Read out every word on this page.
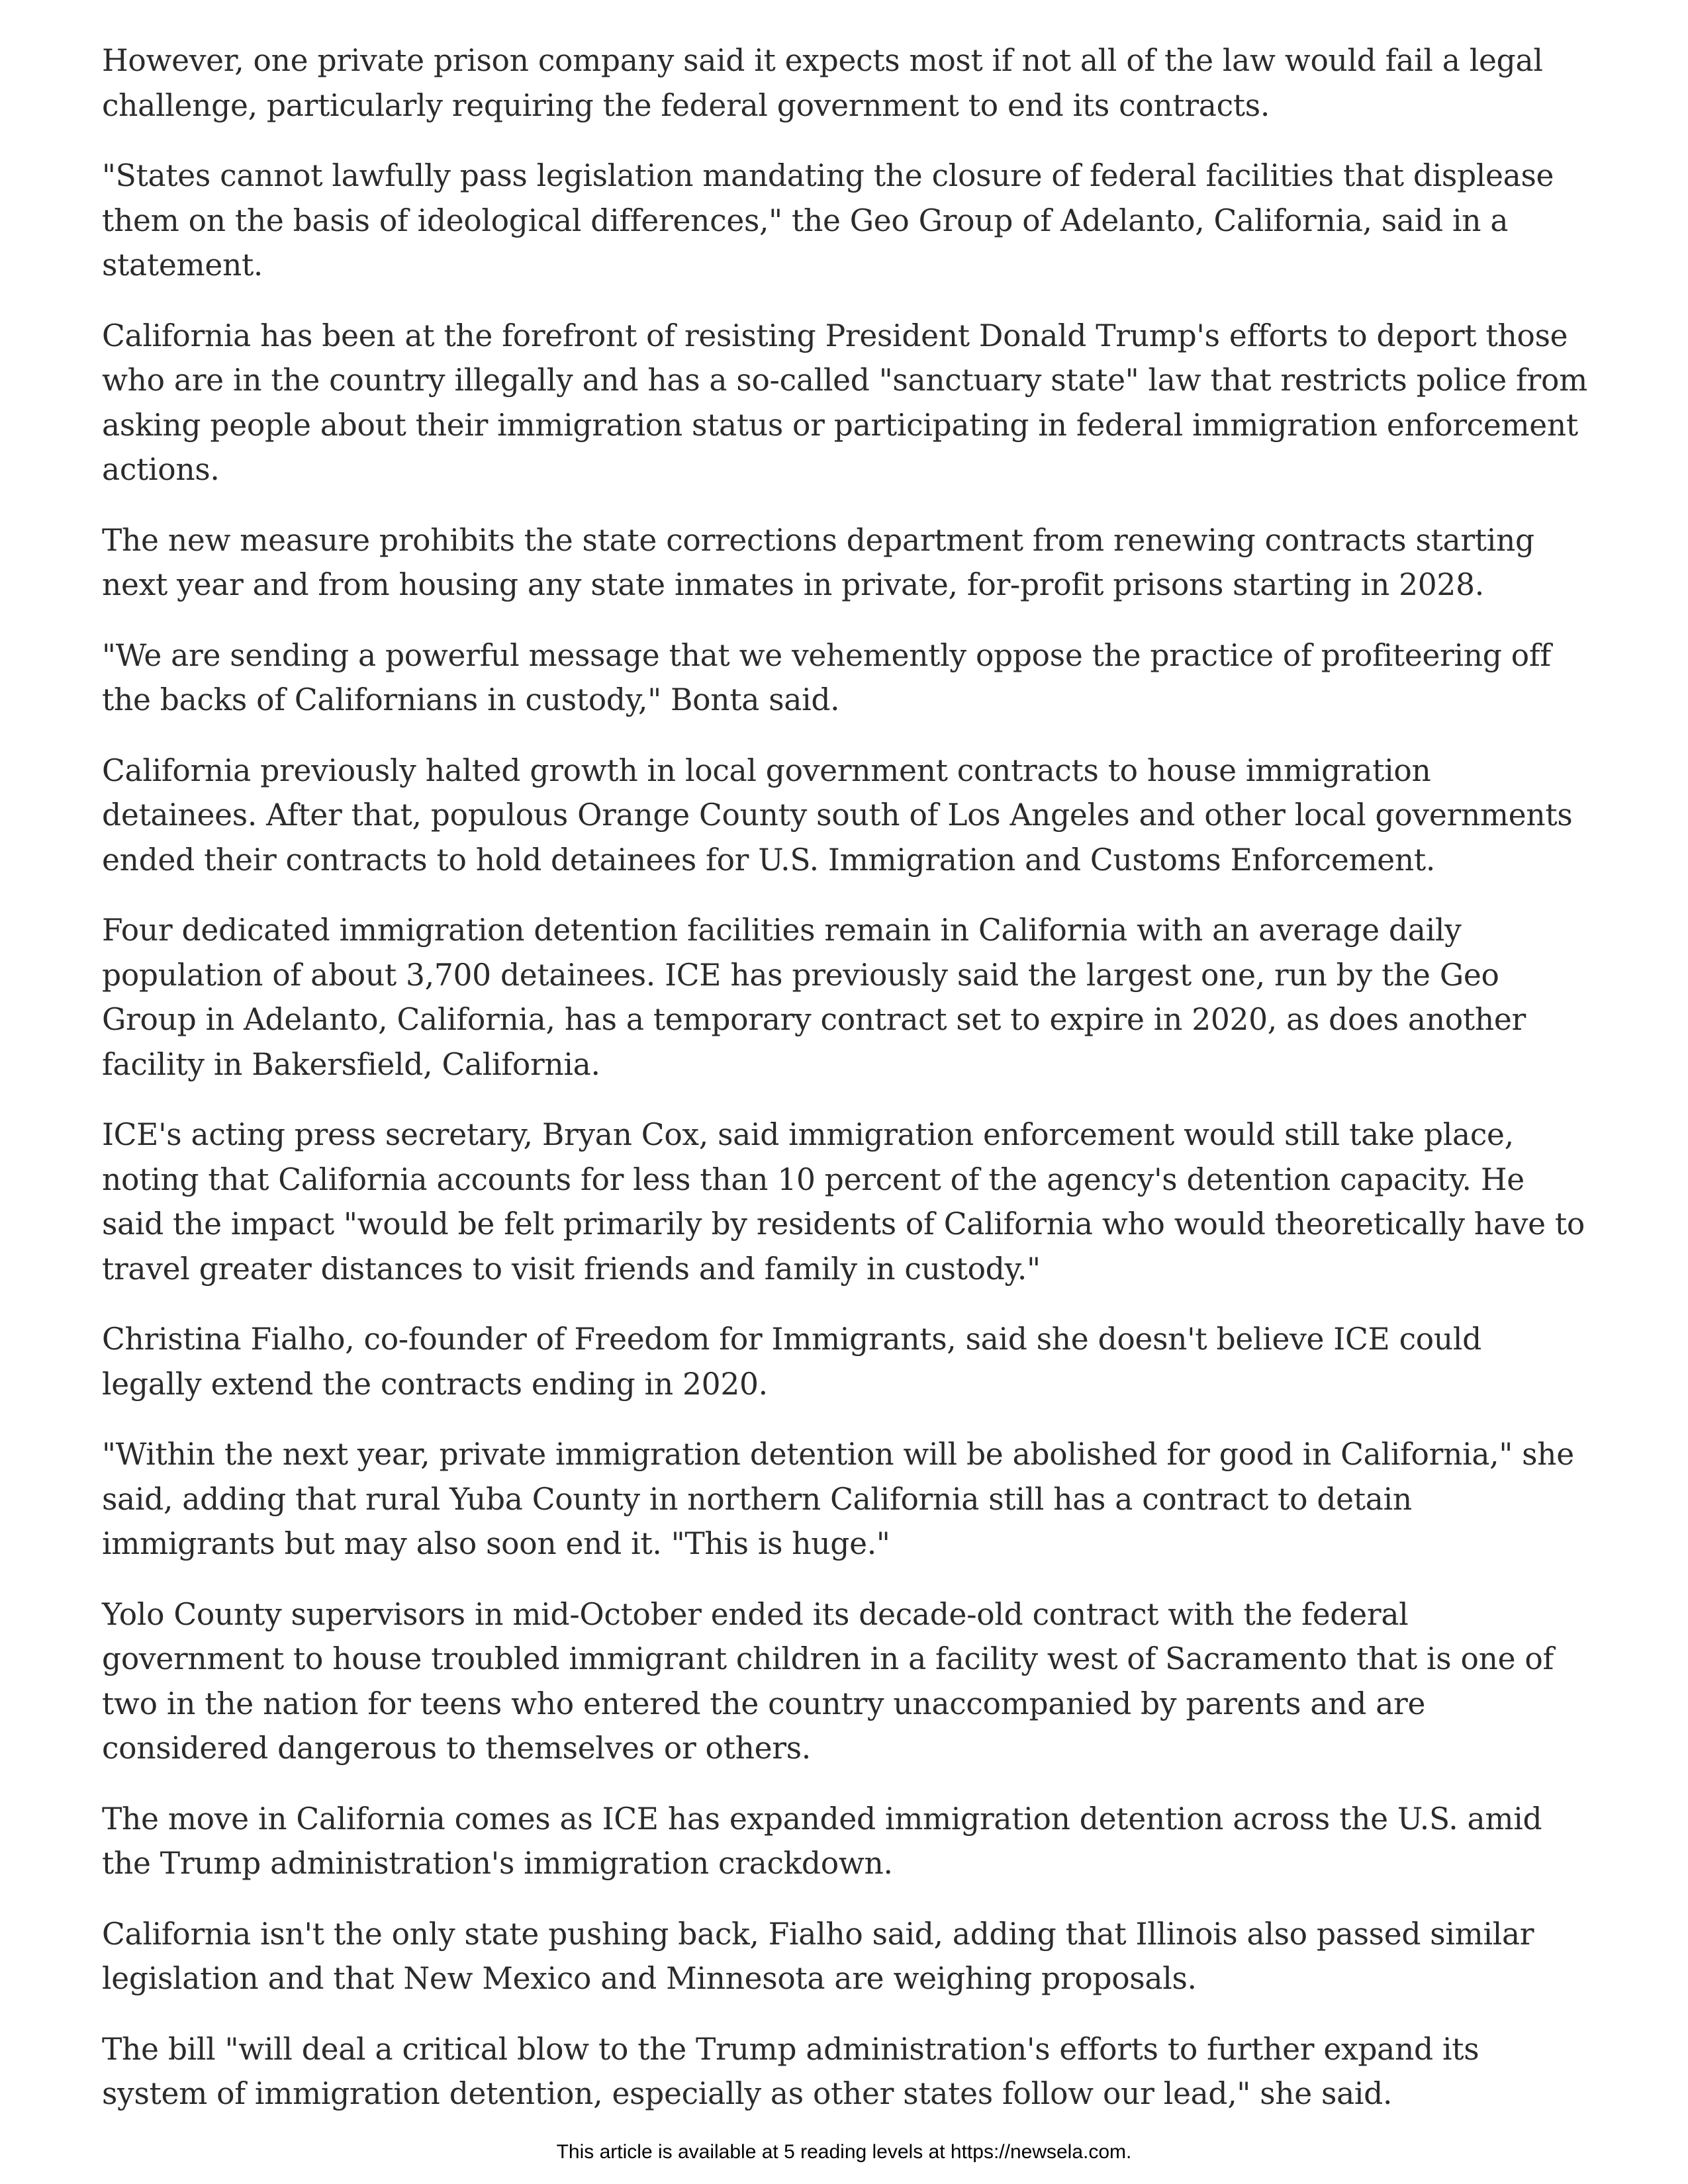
However, one private prison company said it expects most if not all of the law would fail a legal challenge, particularly requiring the federal government to end its contracts.

"States cannot lawfully pass legislation mandating the closure of federal facilities that displease them on the basis of ideological differences," the Geo Group of Adelanto, California, said in a statement.

California has been at the forefront of resisting President Donald Trump's efforts to deport those who are in the country illegally and has a so-called "sanctuary state" law that restricts police from asking people about their immigration status or participating in federal immigration enforcement actions.

The new measure prohibits the state corrections department from renewing contracts starting next year and from housing any state inmates in private, for-profit prisons starting in 2028.

"We are sending a powerful message that we vehemently oppose the practice of profiteering off the backs of Californians in custody," Bonta said.

California previously halted growth in local government contracts to house immigration detainees. After that, populous Orange County south of Los Angeles and other local governments ended their contracts to hold detainees for U.S. Immigration and Customs Enforcement.

Four dedicated immigration detention facilities remain in California with an average daily population of about 3,700 detainees. ICE has previously said the largest one, run by the Geo Group in Adelanto, California, has a temporary contract set to expire in 2020, as does another facility in Bakersfield, California.

ICE's acting press secretary, Bryan Cox, said immigration enforcement would still take place, noting that California accounts for less than 10 percent of the agency's detention capacity. He said the impact "would be felt primarily by residents of California who would theoretically have to travel greater distances to visit friends and family in custody."

Christina Fialho, co-founder of Freedom for Immigrants, said she doesn't believe ICE could legally extend the contracts ending in 2020.

"Within the next year, private immigration detention will be abolished for good in California," she said, adding that rural Yuba County in northern California still has a contract to detain immigrants but may also soon end it. "This is huge."

Yolo County supervisors in mid-October ended its decade-old contract with the federal government to house troubled immigrant children in a facility west of Sacramento that is one of two in the nation for teens who entered the country unaccompanied by parents and are considered dangerous to themselves or others.

The move in California comes as ICE has expanded immigration detention across the U.S. amid the Trump administration's immigration crackdown.

California isn't the only state pushing back, Fialho said, adding that Illinois also passed similar legislation and that New Mexico and Minnesota are weighing proposals.

The bill "will deal a critical blow to the Trump administration's efforts to further expand its system of immigration detention, especially as other states follow our lead," she said.

This article is available at 5 reading levels at https://newsela.com.
